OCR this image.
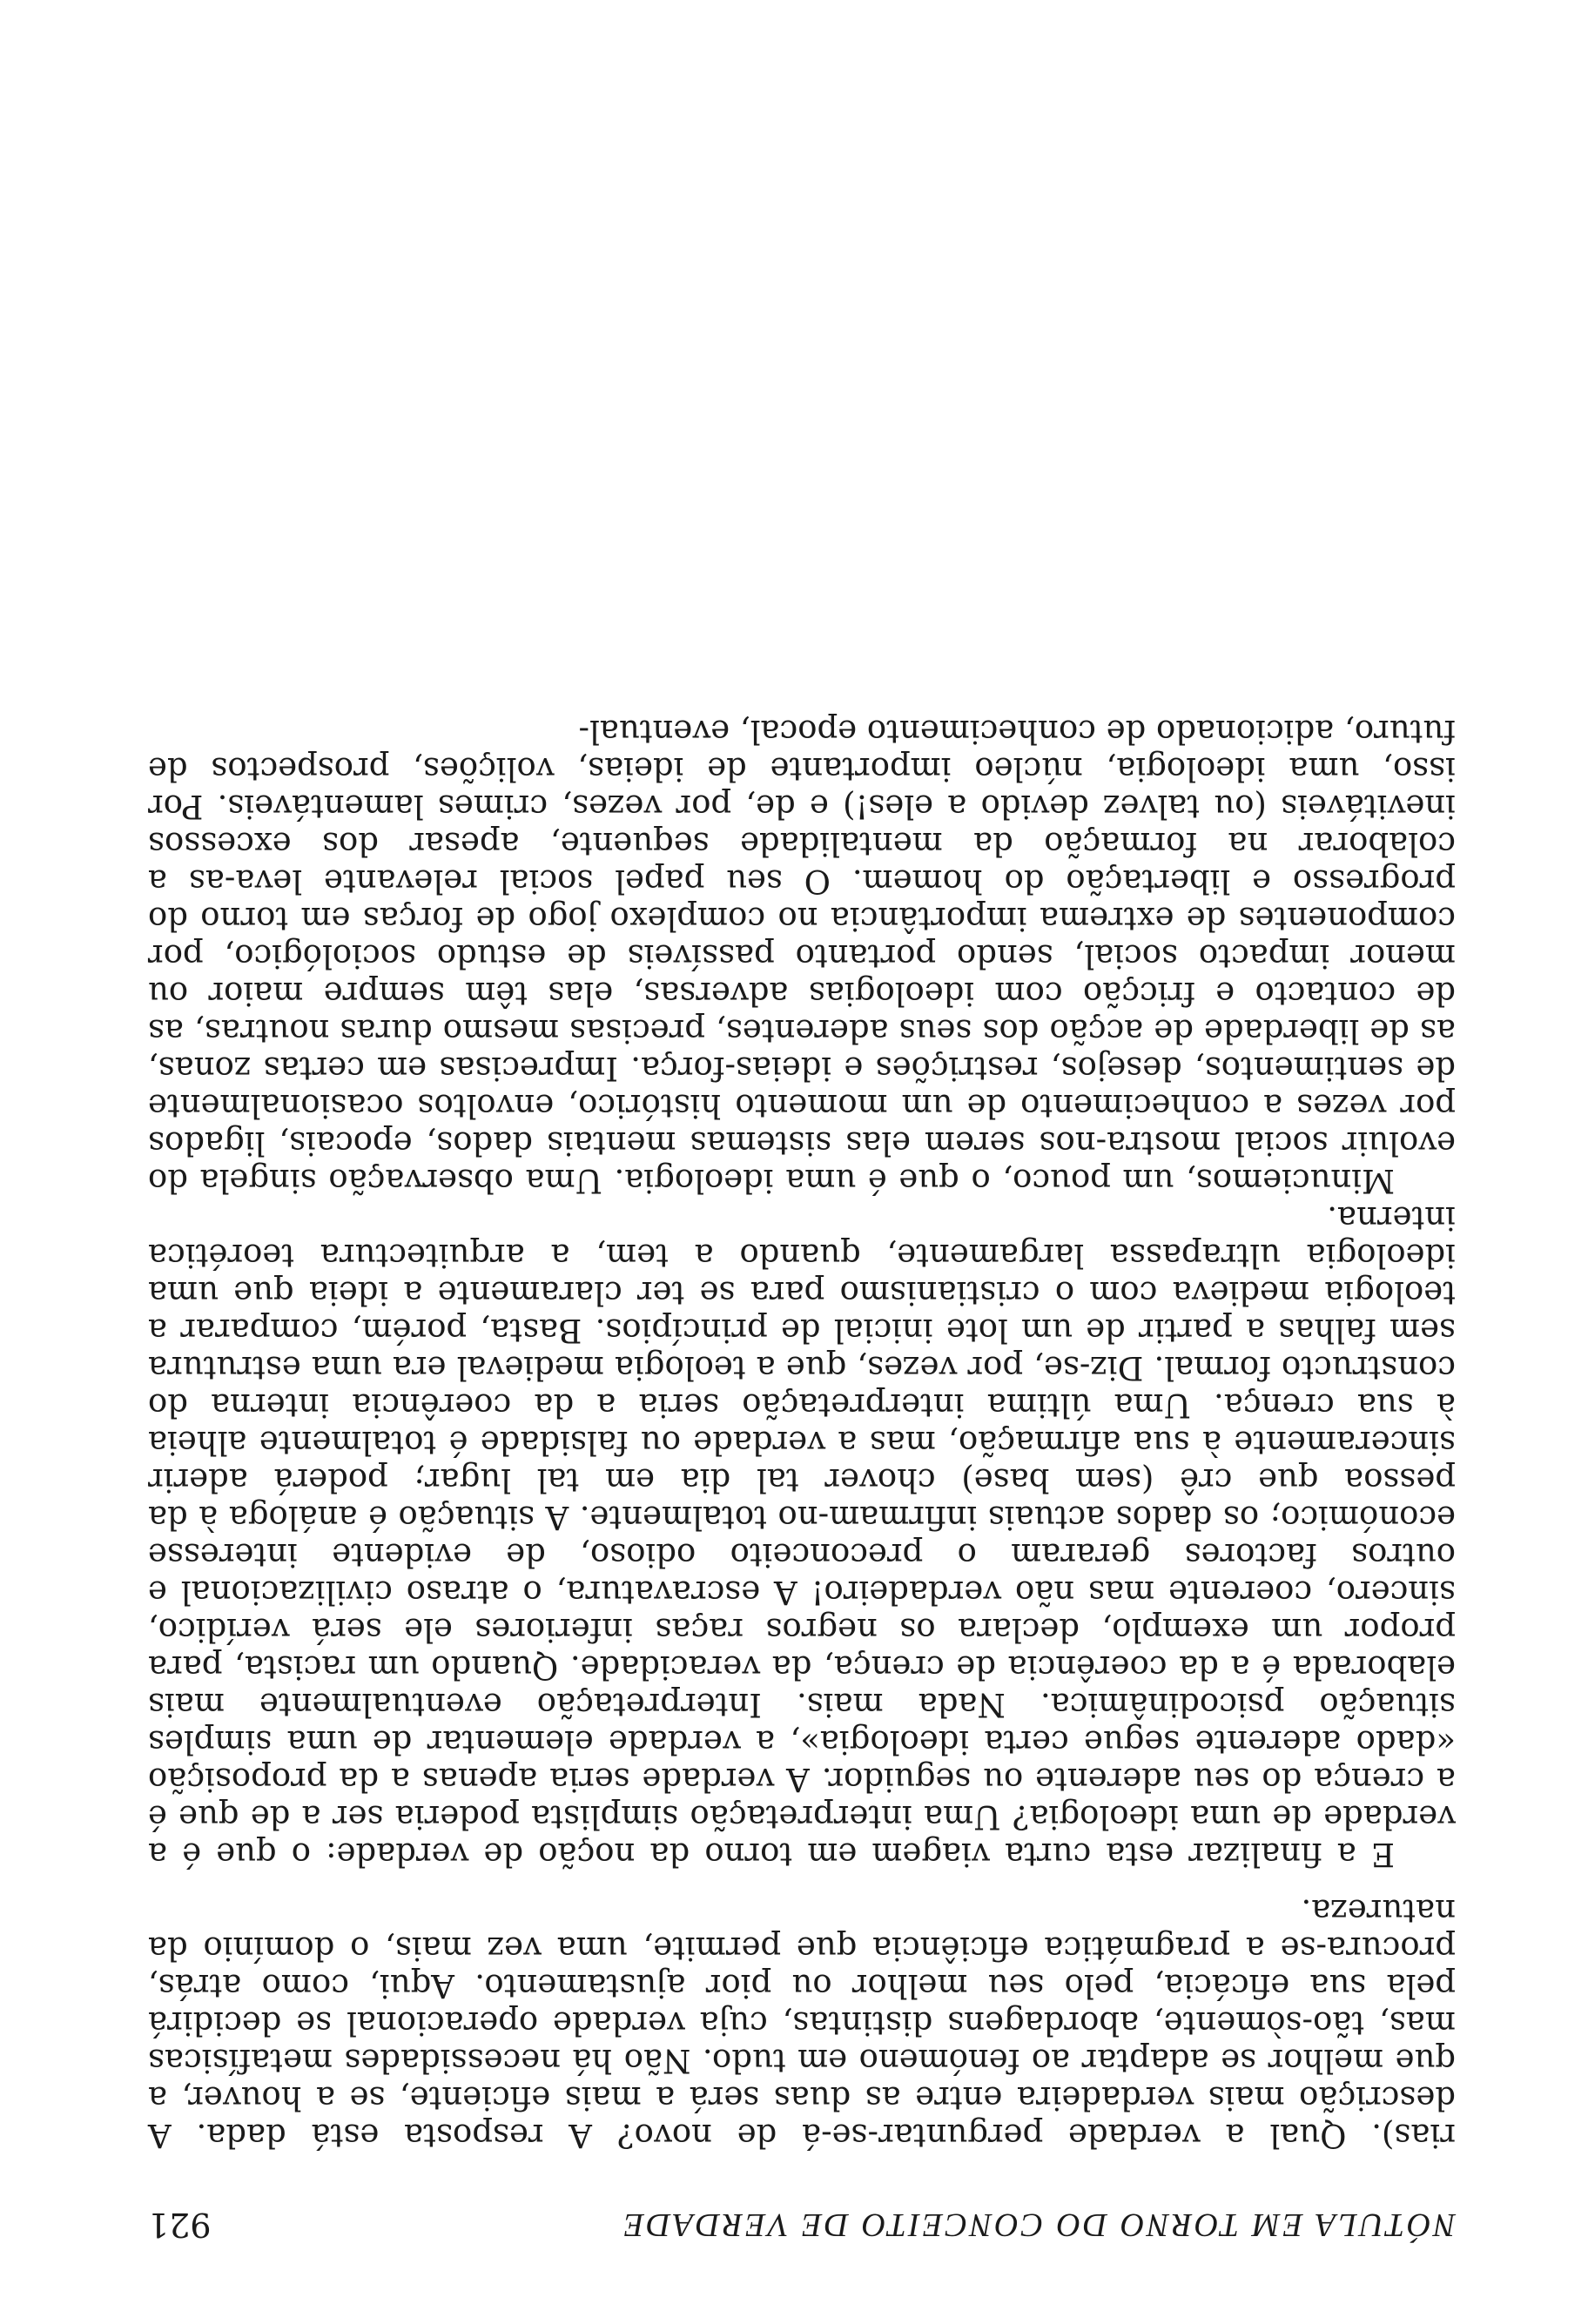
NÓTULA EM TORNO DO CONCEITO DE VERDADE
921

rias). Qual a verdade perguntar-se-á de novo? A resposta está dada. A descrição mais verdadeira entre as duas será a mais eficiente, se a houver, a que melhor se adaptar ao fenómeno em tudo. Não há necessidades metafísicas mas, tão-sòmente, abordagens distintas, cuja verdade operacional se decidirá pela sua eficácia, pelo seu melhor ou pior ajustamento. Aqui, como atrás, procura-se a pragmática eficiência que permite, uma vez mais, o domínio da natureza.

E a finalizar esta curta viagem em torno da noção de verdade: o que é a verdade de uma ideologia? Uma interpretação simplista poderia ser a de que é a crença do seu aderente ou seguidor. A verdade seria apenas a da proposição «dado aderente segue certa ideologia», a verdade elementar de uma simples situação psicodinâmica. Nada mais. Interpretação eventualmente mais elaborada é a da coerência de crença, da veracidade. Quando um racista, para propor um exemplo, declara os negros raças inferiores ele será verídico, sincero, coerente mas não verdadeiro! A escravatura, o atraso civilizacional e outros factores geraram o preconceito odioso, de evidente interesse económico; os dados actuais infirmam-no totalmente. A situação é análoga à da pessoa que crê (sem base) chover tal dia em tal lugar; poderá aderir sinceramente à sua afirmação, mas a verdade ou falsidade é totalmente alheia à sua crença. Uma última interpretação seria a da coerência interna do constructo formal. Diz-se, por vezes, que a teologia medieval era uma estrutura sem falhas a partir de um lote inicial de princípios. Basta, porém, comparar a teologia medieva com o cristianismo para se ter claramente a ideia que uma ideologia ultrapassa largamente, quando a tem, a arquitectura teorética interna.

Minuciemos, um pouco, o que é uma ideologia. Uma observação singela do evoluir social mostra-nos serem elas sistemas mentais dados, epocais, ligados por vezes a conhecimento de um momento histórico, envoltos ocasionalmente de sentimentos, desejos, restrições e ideias-força. Imprecisas em certas zonas, as de liberdade de acção dos seus aderentes, precisas mesmo duras noutras, as de contacto e fricção com ideologias adversas, elas têm sempre maior ou menor impacto social, sendo portanto passíveis de estudo sociológico, por componentes de extrema importância no complexo jogo de forças em torno do progresso e libertação do homem. O seu papel social relevante leva-as a colaborar na formação da mentalidade sequente, apesar dos excessos inevitáveis (ou talvez devido a eles!) e de, por vezes, crimes lamentáveis. Por isso, uma ideologia, núcleo importante de ideias, volições, prospectos de futuro, adicionado de conhecimento epocal, eventual-
